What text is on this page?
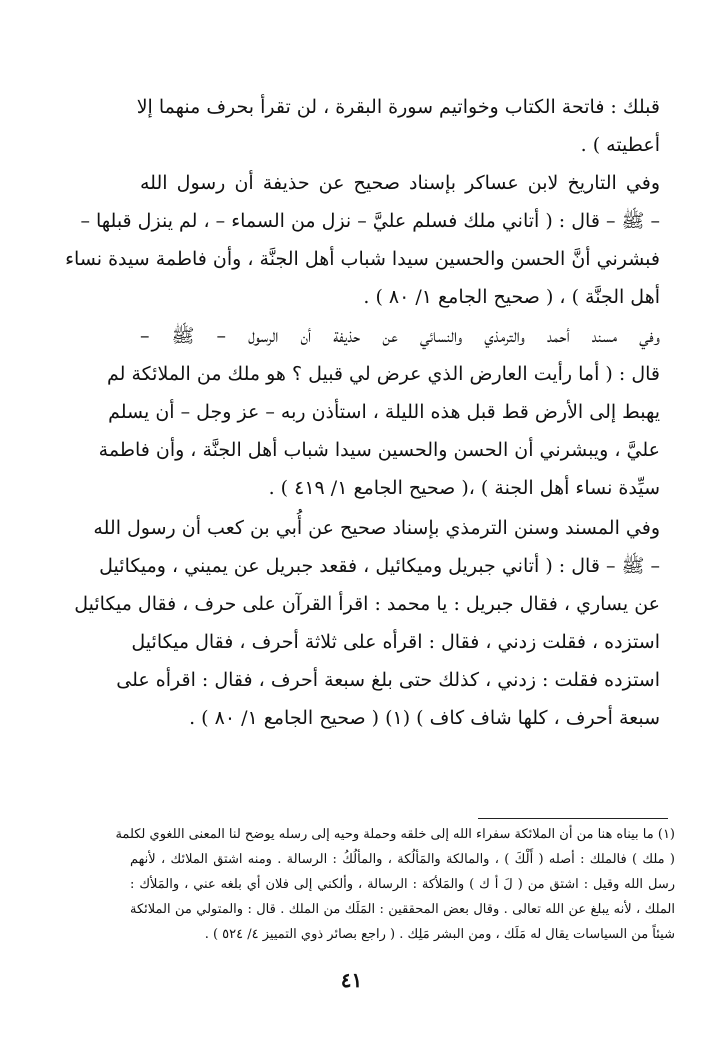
قبلك : فاتحة الكتاب وخواتيم سورة البقرة ، لن تقرأ بحرف منهما إلا
أعطيته ) .
وفي التاريخ لابن عساكر بإسناد صحيح عن حذيفة أن رسول الله
– ﷺ – قال : ( أتاني ملك فسلم عليَّ – نزل من السماء – ، لم ينزل قبلها –
فبشرني أنَّ الحسن والحسين سيدا شباب أهل الجنَّة ، وأن فاطمة سيدة نساء
أهل الجنَّة ) ، ( صحيح الجامع ١/ ٨٠ ) .
وفي مسند أحمد والترمذي والنسائي عن حذيفة أن الرسول – ﷺ –
قال : ( أما رأيت العارض الذي عرض لي قبيل ؟ هو ملك من الملائكة لم
يهبط إلى الأرض قط قبل هذه الليلة ، استأذن ربه – عز وجل – أن يسلم
عليَّ ، ويبشرني أن الحسن والحسين سيدا شباب أهل الجنَّة ، وأن فاطمة
سيِّدة نساء أهل الجنة ) ،( صحيح الجامع ١/ ٤١٩ ) .
وفي المسند وسنن الترمذي بإسناد صحيح عن أُبي بن كعب أن رسول الله
– ﷺ – قال : ( أتاني جبريل وميكائيل ، فقعد جبريل عن يميني ، وميكائيل
عن يساري ، فقال جبريل : يا محمد : اقرأ القرآن على حرف ، فقال ميكائيل
استزده ، فقلت زدني ، فقال : اقرأه على ثلاثة أحرف ، فقال ميكائيل
استزده فقلت : زدني ، كذلك حتى بلغ سبعة أحرف ، فقال : اقرأه على
سبعة أحرف ، كلها شاف كاف ) (١) ( صحيح الجامع ١/ ٨٠ ) .
(١) ما بيناه هنا من أن الملائكة سفراء الله إلى خلقه وحملة وحيه إلى رسله يوضح لنا المعنى اللغوي لكلمة
( ملك ) فالملك : أصله ( أَلْكَ ) ، والمالكة والمَألُكة ، والمألُكُ : الرسالة . ومنه اشتق الملائك ، لأنهم
رسل الله وقيل : اشتق من ( لَ أ ك ) والمَلأكة : الرسالة ، وألكني إلى فلان أي بلغه عني ، والمَلأك :
الملك ، لأنه يبلغ عن الله تعالى . وقال بعض المحققين : المَلَك من الملك . قال : والمتولي من الملائكة
شيئاً من السياسات يقال له مَلَك ، ومن البشر مَلِك . ( راجع بصائر ذوي التمييز ٤/ ٥٢٤ ) .
٤١
